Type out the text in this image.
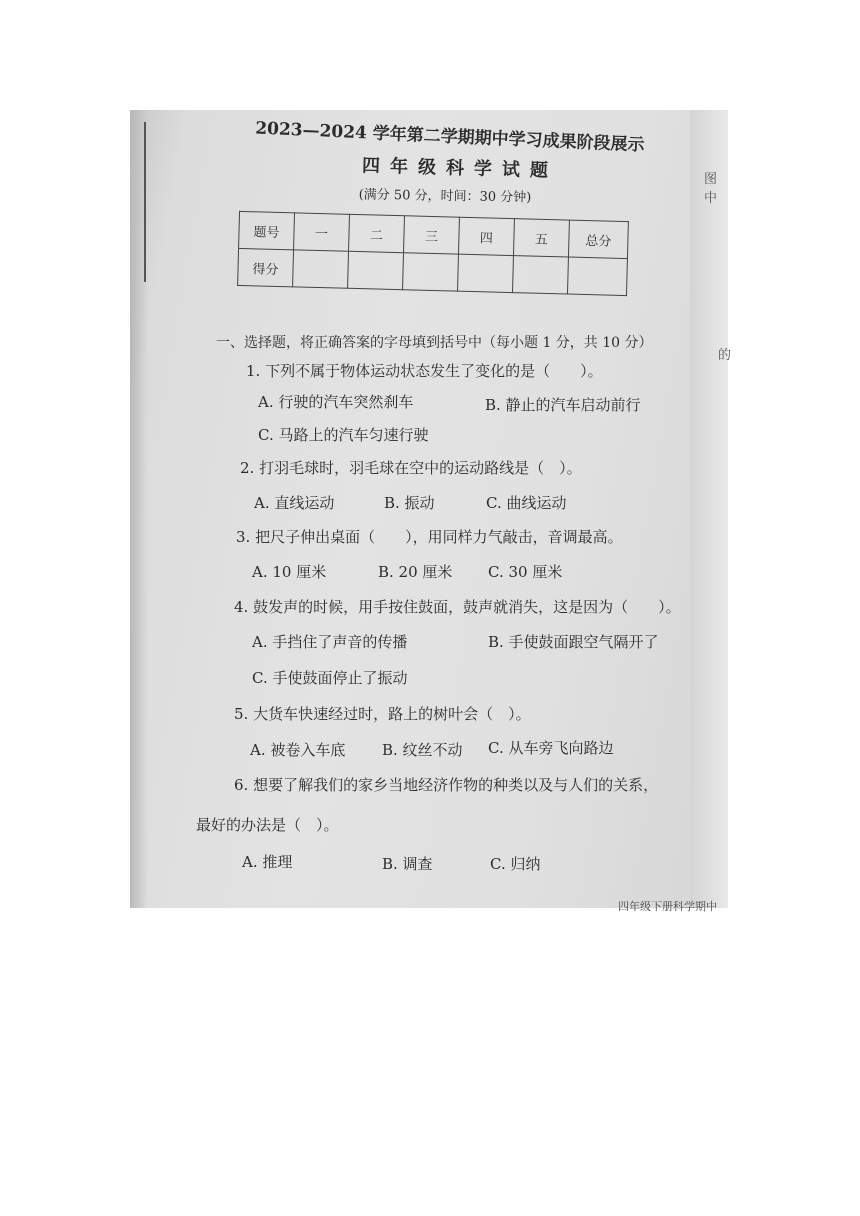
图中
的
2023—2024 学年第二学期期中学习成果阶段展示
四年级科学试题
(满分 50 分，时间：30 分钟)
题号	一	二	三	四	五	总分
得分						
一、选择题，将正确答案的字母填到括号中（每小题 1 分，共 10 分）
1. 下列不属于物体运动状态发生了变化的是（　　）。
A. 行驶的汽车突然刹车	B. 静止的汽车启动前行
C. 马路上的汽车匀速行驶
2. 打羽毛球时，羽毛球在空中的运动路线是（　）。
A. 直线运动	B. 振动	C. 曲线运动
3. 把尺子伸出桌面（　　），用同样力气敲击，音调最高。
A. 10 厘米	B. 20 厘米 C. 30 厘米
4. 鼓发声的时候，用手按住鼓面，鼓声就消失，这是因为（　　）。
A. 手挡住了声音的传播	B. 手使鼓面跟空气隔开了
C. 手使鼓面停止了振动
5. 大货车快速经过时，路上的树叶会（　）。
A. 被卷入车底 B. 纹丝不动 C. 从车旁飞向路边
6. 想要了解我们的家乡当地经济作物的种类以及与人们的关系，
最好的办法是（　）。
A. 推理	B. 调查	C. 归纳
四年级下册科学期中
